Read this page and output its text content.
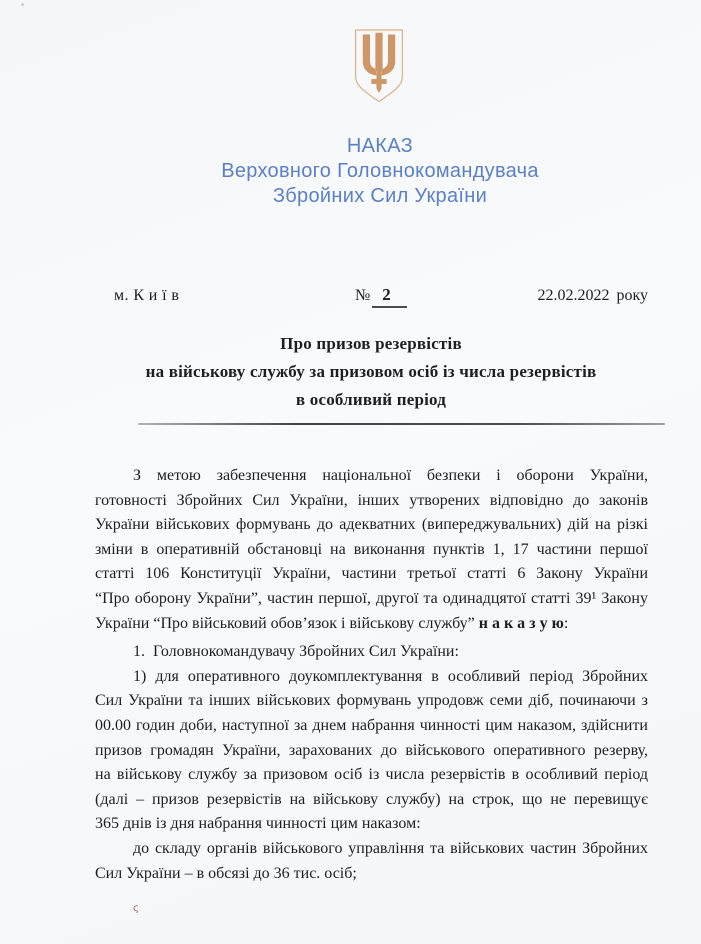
НАКАЗ
Верховного Головнокомандувача
Збройних Сил України
м. К и ї в	№ 2	22.02.2022 року
Про призов резервістів
на військову службу за призовом осіб із числа резервістів
в особливий період
З метою забезпечення національної безпеки і оборони України,
готовності Збройних Сил України, інших утворених відповідно до законів
України військових формувань до адекватних (випереджувальних) дій на різкі
зміни в оперативній обстановці на виконання пунктів 1, 17 частини першої
статті 106 Конституції України, частини третьої статті 6 Закону України
“Про оборону України”, частин першої, другої та одинадцятої статті 39¹ Закону
України “Про військовий обов’язок і військову службу” н а к а з у ю:
1.  Головнокомандувачу Збройних Сил України:
1) для оперативного доукомплектування в особливий період Збройних
Сил України та інших військових формувань упродовж семи діб, починаючи з
00.00 годин доби, наступної за днем набрання чинності цим наказом, здійснити
призов громадян України, зарахованих до військового оперативного резерву,
на військову службу за призовом осіб із числа резервістів в особливий період
(далі – призов резервістів на військову службу) на строк, що не перевищує
365 днів із дня набрання чинності цим наказом:
до складу органів військового управління та військових частин Збройних
Сил України – в обсязі до 36 тис. осіб;
ϛ
